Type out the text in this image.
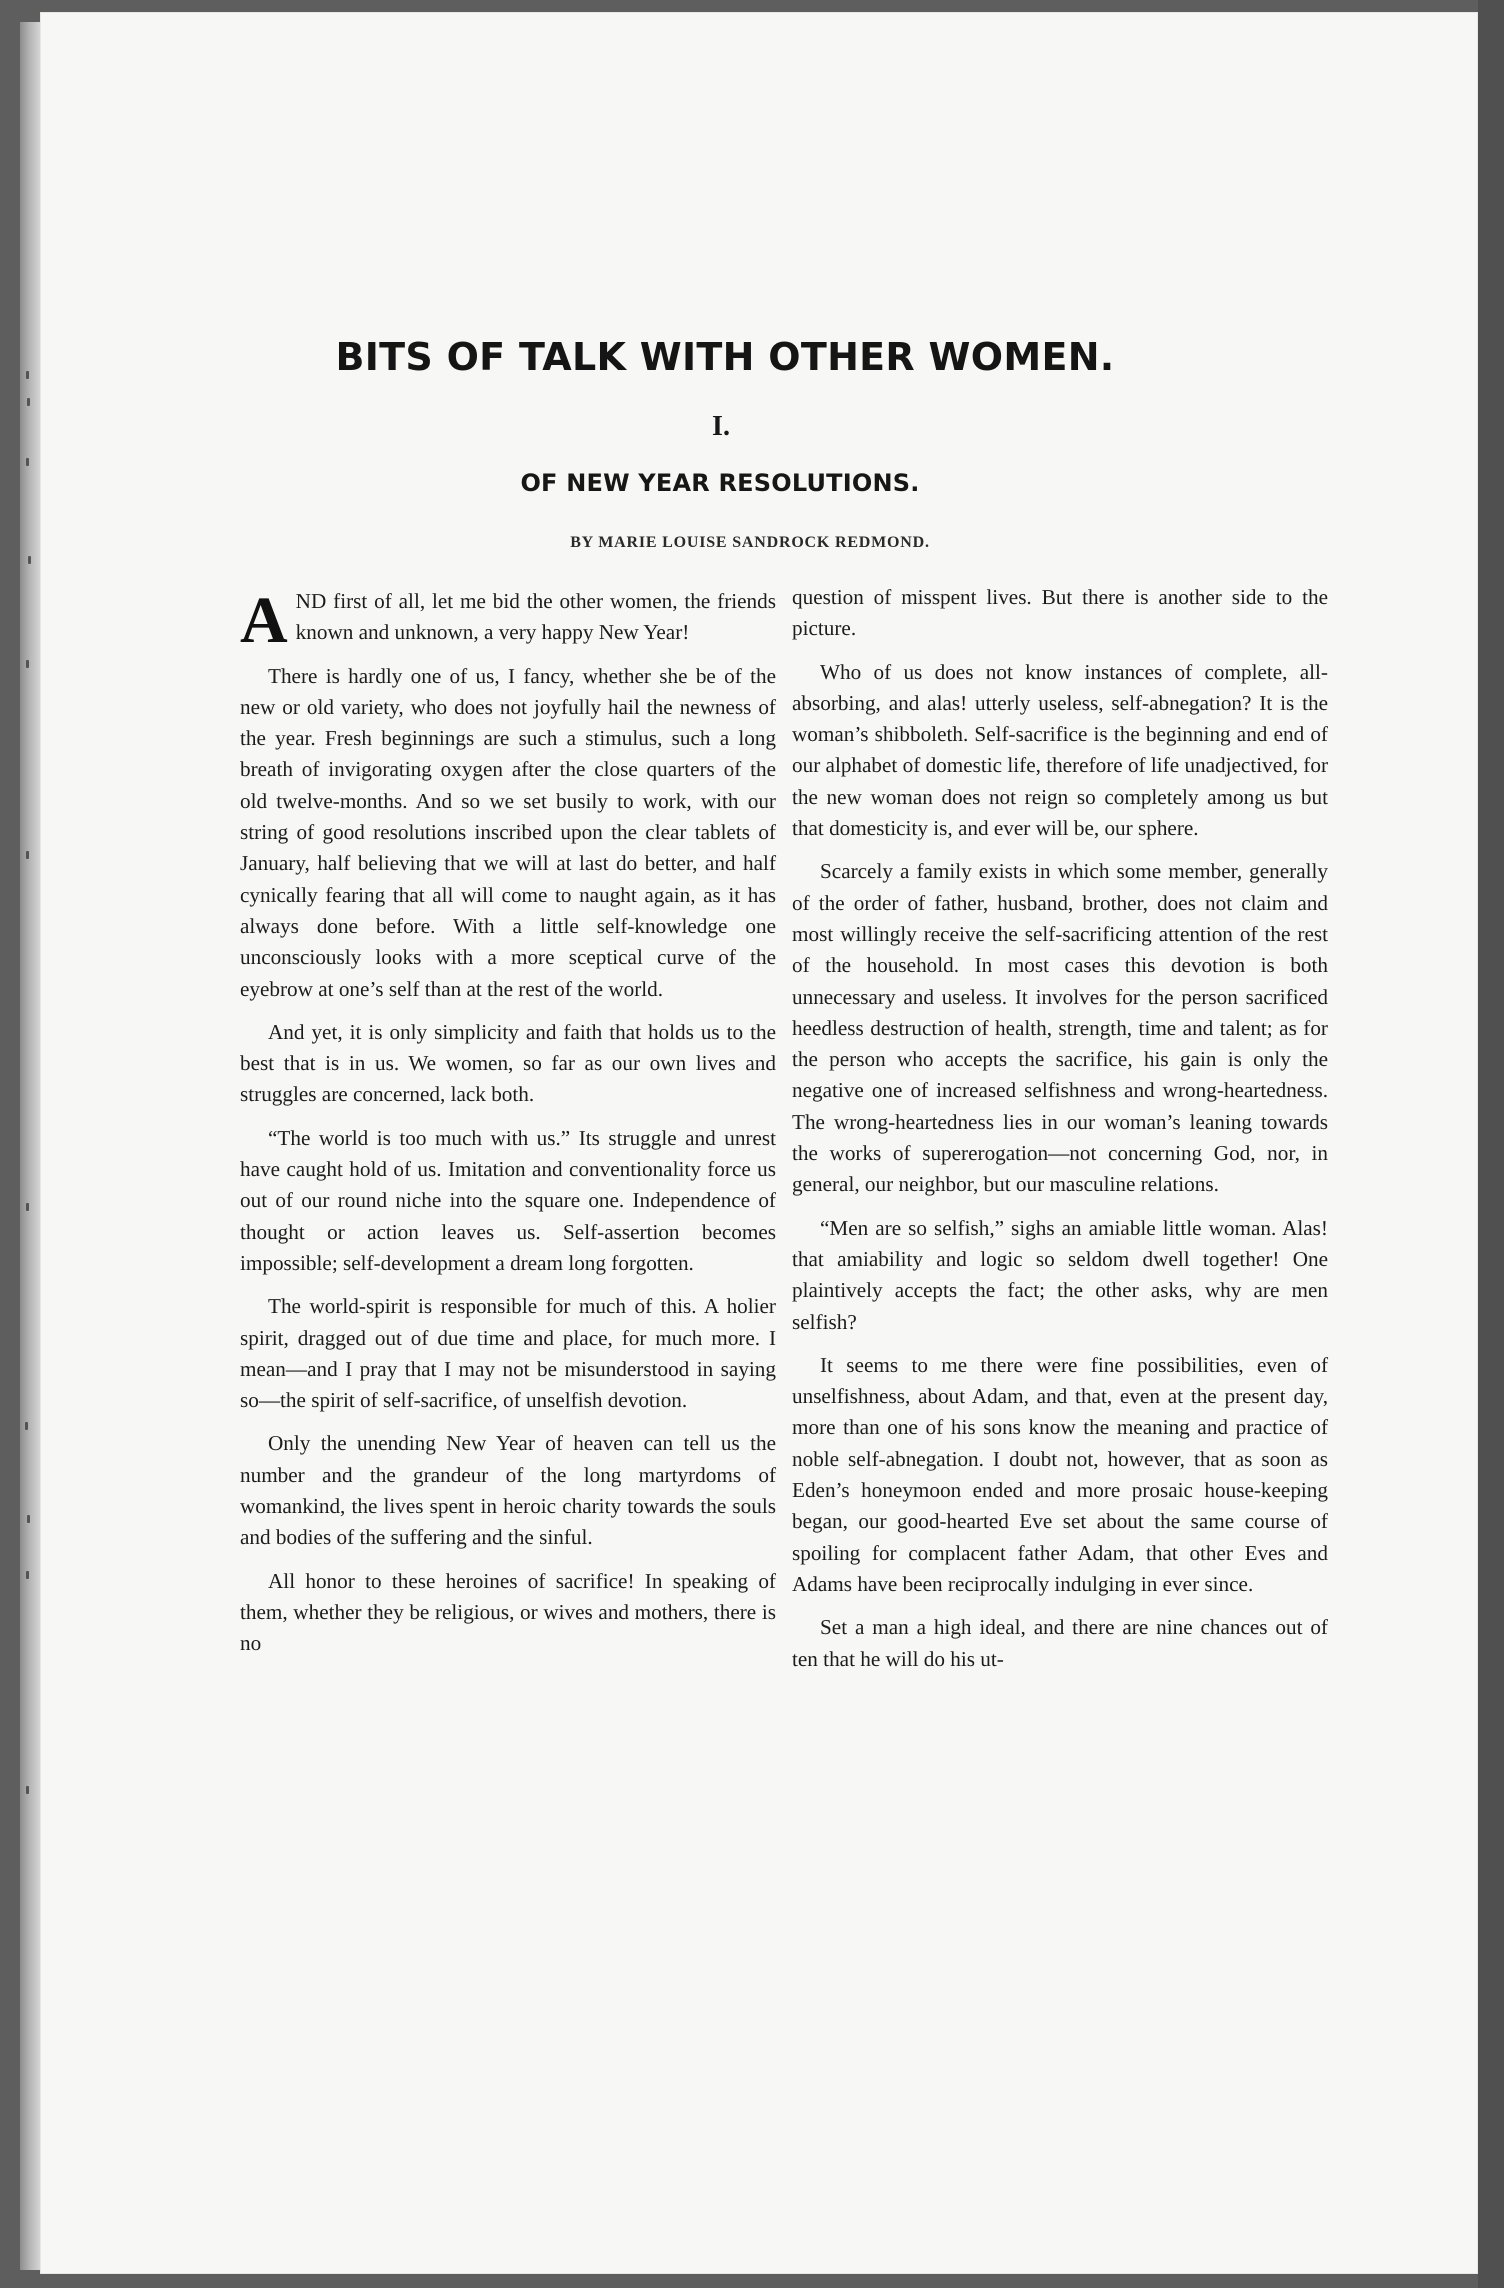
BITS OF TALK WITH OTHER WOMEN.
I.
OF NEW YEAR RESOLUTIONS.
BY MARIE LOUISE SANDROCK REDMOND.

AND first of all, let me bid the other women, the friends known and unknown, a very happy New Year!

There is hardly one of us, I fancy, whether she be of the new or old variety, who does not joyfully hail the newness of the year. Fresh beginnings are such a stimulus, such a long breath of invigorating oxygen after the close quarters of the old twelve-months. And so we set busily to work, with our string of good resolutions inscribed upon the clear tablets of January, half believing that we will at last do better, and half cynically fearing that all will come to naught again, as it has always done before. With a little self-knowledge one unconsciously looks with a more sceptical curve of the eyebrow at one’s self than at the rest of the world.

And yet, it is only simplicity and faith that holds us to the best that is in us. We women, so far as our own lives and struggles are concerned, lack both.

“The world is too much with us.” Its struggle and unrest have caught hold of us. Imitation and conventionality force us out of our round niche into the square one. Independence of thought or action leaves us. Self-assertion becomes impossible; self-development a dream long forgotten.

The world-spirit is responsible for much of this. A holier spirit, dragged out of due time and place, for much more. I mean—and I pray that I may not be misunderstood in saying so—the spirit of self-sacrifice, of unselfish devotion.

Only the unending New Year of heaven can tell us the number and the grandeur of the long martyrdoms of womankind, the lives spent in heroic charity towards the souls and bodies of the suffering and the sinful.

All honor to these heroines of sacrifice! In speaking of them, whether they be religious, or wives and mothers, there is no

question of misspent lives. But there is another side to the picture.

Who of us does not know instances of complete, all-absorbing, and alas! utterly useless, self-abnegation? It is the woman’s shibboleth. Self-sacrifice is the beginning and end of our alphabet of domestic life, therefore of life unadjectived, for the new woman does not reign so completely among us but that domesticity is, and ever will be, our sphere.

Scarcely a family exists in which some member, generally of the order of father, husband, brother, does not claim and most willingly receive the self-sacrificing attention of the rest of the household. In most cases this devotion is both unnecessary and useless. It involves for the person sacrificed heedless destruction of health, strength, time and talent; as for the person who accepts the sacrifice, his gain is only the negative one of increased selfishness and wrong-heartedness. The wrong-heartedness lies in our woman’s leaning towards the works of supererogation—not concerning God, nor, in general, our neighbor, but our masculine relations.

“Men are so selfish,” sighs an amiable little woman. Alas! that amiability and logic so seldom dwell together! One plaintively accepts the fact; the other asks, why are men selfish?

It seems to me there were fine possibilities, even of unselfishness, about Adam, and that, even at the present day, more than one of his sons know the meaning and practice of noble self-abnegation. I doubt not, however, that as soon as Eden’s honeymoon ended and more prosaic house-keeping began, our good-hearted Eve set about the same course of spoiling for complacent father Adam, that other Eves and Adams have been reciprocally indulging in ever since.

Set a man a high ideal, and there are nine chances out of ten that he will do his ut-
